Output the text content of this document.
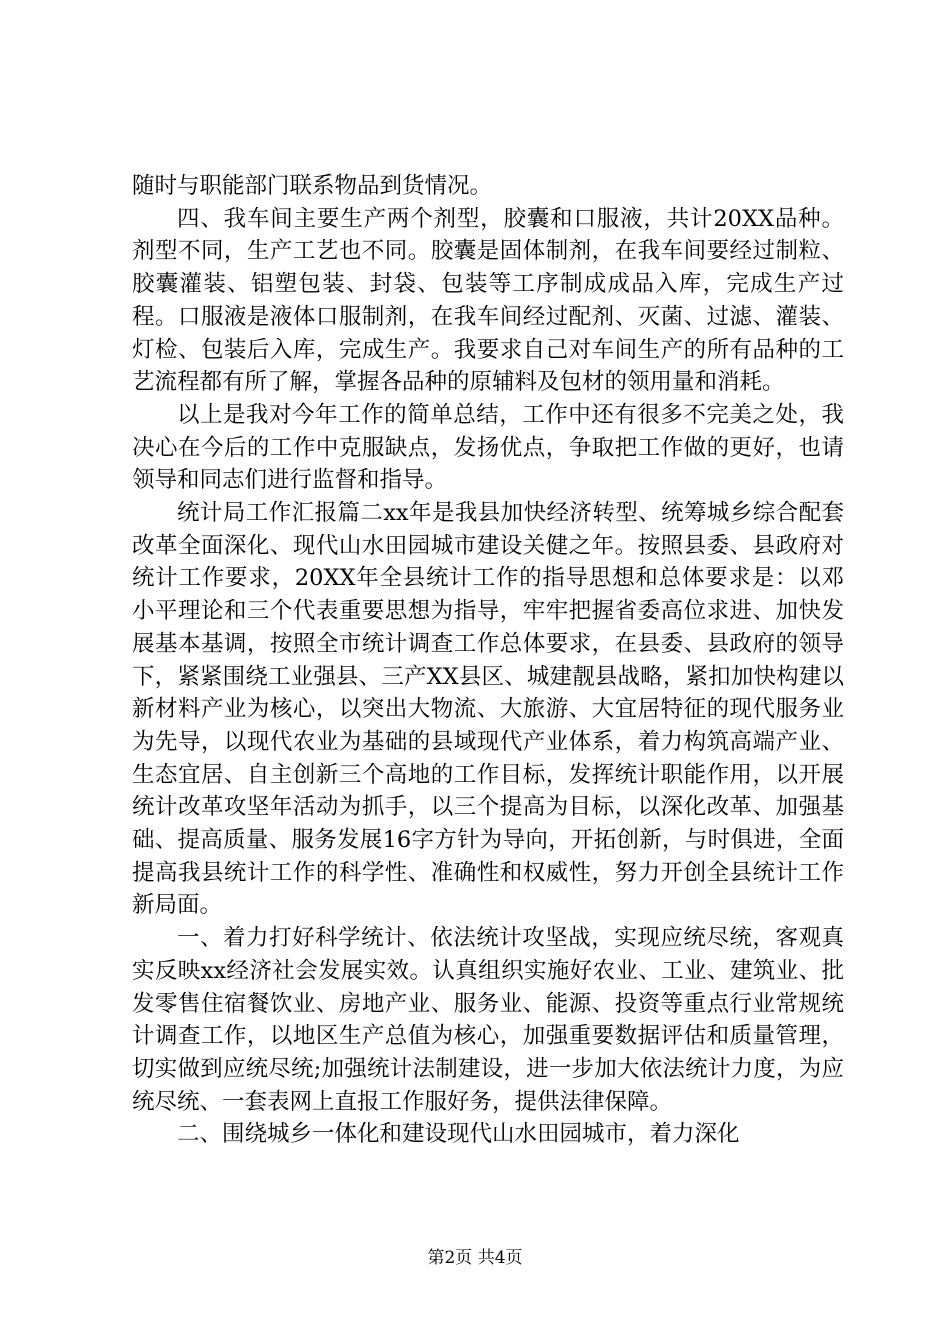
随时与职能部门联系物品到货情况。

四、我车间主要生产两个剂型，胶囊和口服液，共计20XX品种。剂型不同，生产工艺也不同。胶囊是固体制剂，在我车间要经过制粒、胶囊灌装、铝塑包装、封袋、包装等工序制成成品入库，完成生产过程。口服液是液体口服制剂，在我车间经过配剂、灭菌、过滤、灌装、灯检、包装后入库，完成生产。我要求自己对车间生产的所有品种的工艺流程都有所了解，掌握各品种的原辅料及包材的领用量和消耗。

以上是我对今年工作的简单总结，工作中还有很多不完美之处，我决心在今后的工作中克服缺点，发扬优点，争取把工作做的更好，也请领导和同志们进行监督和指导。

统计局工作汇报篇二xx年是我县加快经济转型、统筹城乡综合配套改革全面深化、现代山水田园城市建设关健之年。按照县委、县政府对统计工作要求，20XX年全县统计工作的指导思想和总体要求是：以邓小平理论和三个代表重要思想为指导，牢牢把握省委高位求进、加快发展基本基调，按照全市统计调查工作总体要求，在县委、县政府的领导下，紧紧围绕工业强县、三产XX县区、城建靓县战略，紧扣加快构建以新材料产业为核心，以突出大物流、大旅游、大宜居特征的现代服务业为先导，以现代农业为基础的县域现代产业体系，着力构筑高端产业、生态宜居、自主创新三个高地的工作目标，发挥统计职能作用，以开展统计改革攻坚年活动为抓手，以三个提高为目标，以深化改革、加强基础、提高质量、服务发展16字方针为导向，开拓创新，与时俱进，全面提高我县统计工作的科学性、准确性和权威性，努力开创全县统计工作新局面。

一、着力打好科学统计、依法统计攻坚战，实现应统尽统，客观真实反映xx经济社会发展实效。认真组织实施好农业、工业、建筑业、批发零售住宿餐饮业、房地产业、服务业、能源、投资等重点行业常规统计调查工作，以地区生产总值为核心，加强重要数据评估和质量管理，切实做到应统尽统;加强统计法制建设，进一步加大依法统计力度，为应统尽统、一套表网上直报工作服好务，提供法律保障。

二、围绕城乡一体化和建设现代山水田园城市，着力深化

第2页 共4页
